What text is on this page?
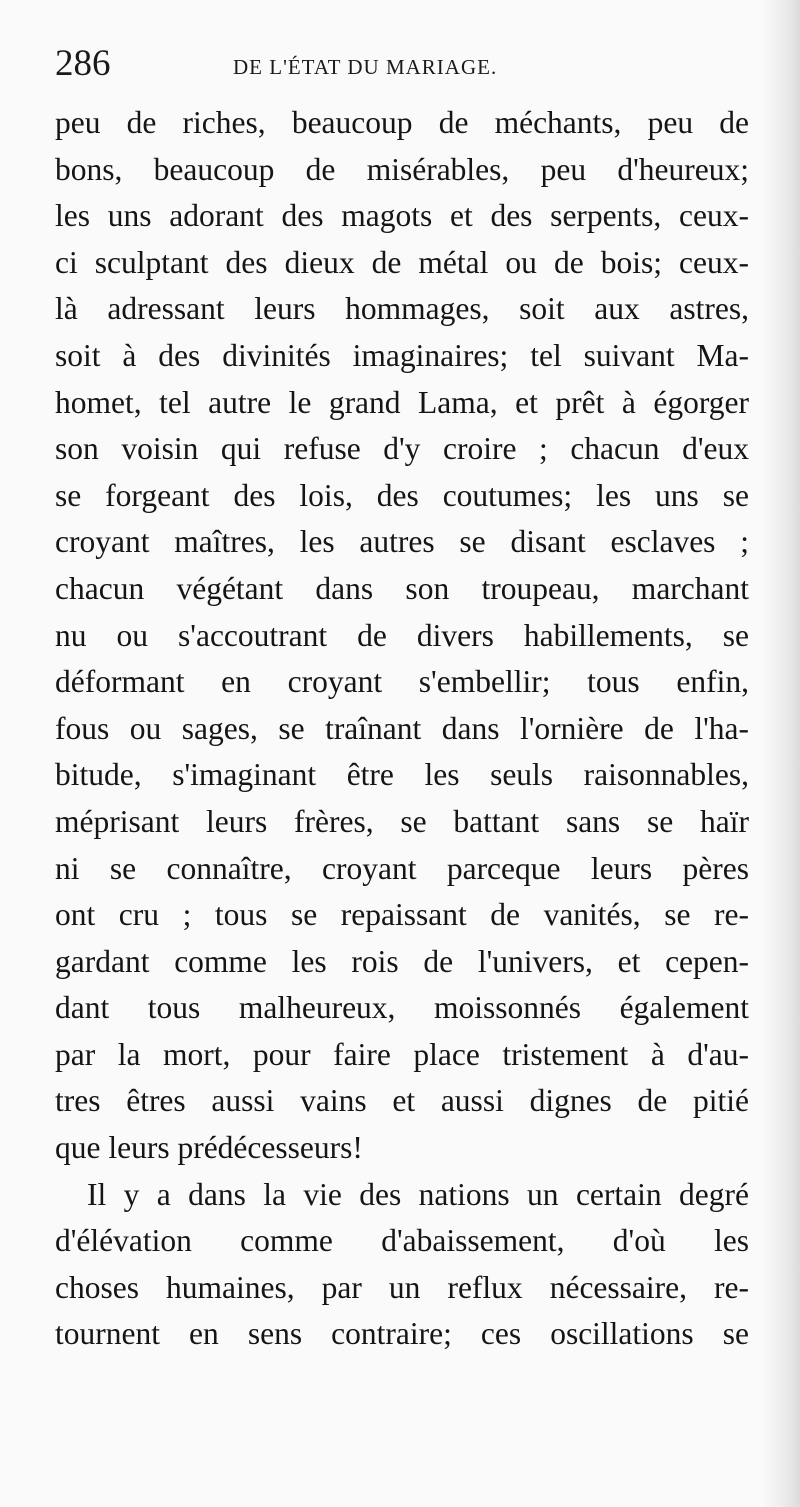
286	DE L'ÉTAT DU MARIAGE.
peu de riches, beaucoup de méchants, peu de
bons, beaucoup de misérables, peu d'heureux;
les uns adorant des magots et des serpents, ceux-
ci sculptant des dieux de métal ou de bois; ceux-
là adressant leurs hommages, soit aux astres,
soit à des divinités imaginaires; tel suivant Ma-
homet, tel autre le grand Lama, et prêt à égorger
son voisin qui refuse d'y croire ; chacun d'eux
se forgeant des lois, des coutumes; les uns se
croyant maîtres, les autres se disant esclaves ;
chacun végétant dans son troupeau, marchant
nu ou s'accoutrant de divers habillements, se
déformant en croyant s'embellir; tous enfin,
fous ou sages, se traînant dans l'ornière de l'ha-
bitude, s'imaginant être les seuls raisonnables,
méprisant leurs frères, se battant sans se haïr
ni se connaître, croyant parceque leurs pères
ont cru ; tous se repaissant de vanités, se re-
gardant comme les rois de l'univers, et cepen-
dant tous malheureux, moissonnés également
par la mort, pour faire place tristement à d'au-
tres êtres aussi vains et aussi dignes de pitié
que leurs prédécesseurs!
Il y a dans la vie des nations un certain degré
d'élévation comme d'abaissement, d'où les
choses humaines, par un reflux nécessaire, re-
tournent en sens contraire; ces oscillations se
